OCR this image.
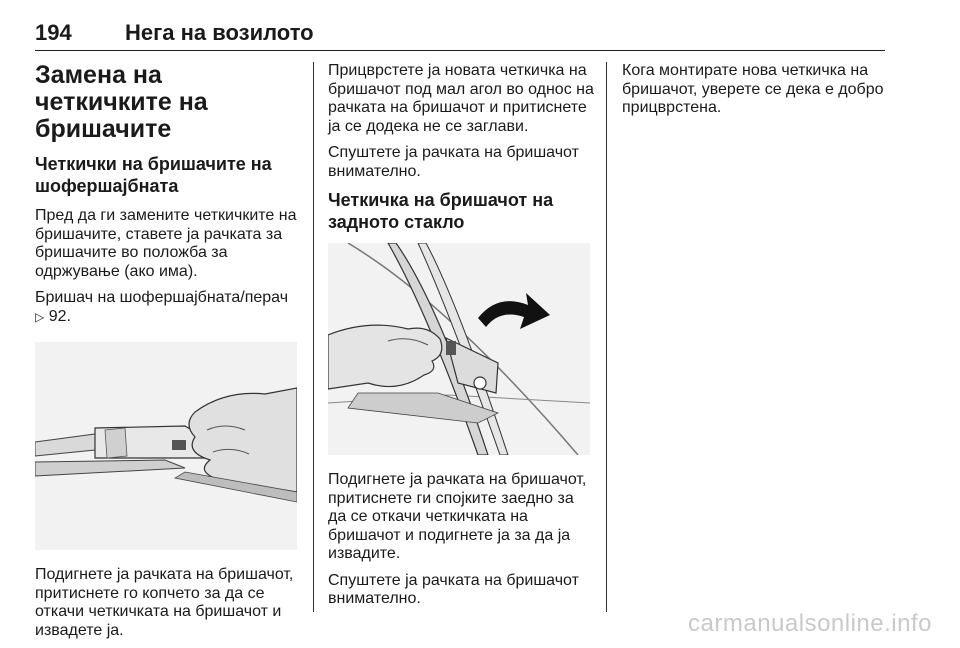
194 Нега на возилото
Замена на четкичките на бришачите
Четкички на бришачите на шофершајбната

Пред да ги замените четкичките на бришачите, ставете ја рачката за бришачите во положба за одржување (ако има).

Бришач на шофершајбната/перач
▷ 92.

Подигнете ја рачката на бришачот, притиснете го копчето за да се откачи четкичката на бришачот и извадете ја.

Прицврстете ја новата четкичка на бришачот под мал агол во однос на рачката на бришачот и притиснете ја се додека не се заглави.

Спуштете ја рачката на бришачот внимателно.

Четкичка на бришачот на задното стакло

Подигнете ја рачката на бришачот, притиснете ги спојките заедно за да се откачи четкичката на бришачот и подигнете ја за да ја извадите.

Спуштете ја рачката на бришачот внимателно.

Кога монтирате нова четкичка на бришачот, уверете се дека е добро прицврстена.

carmanualsonline.info
